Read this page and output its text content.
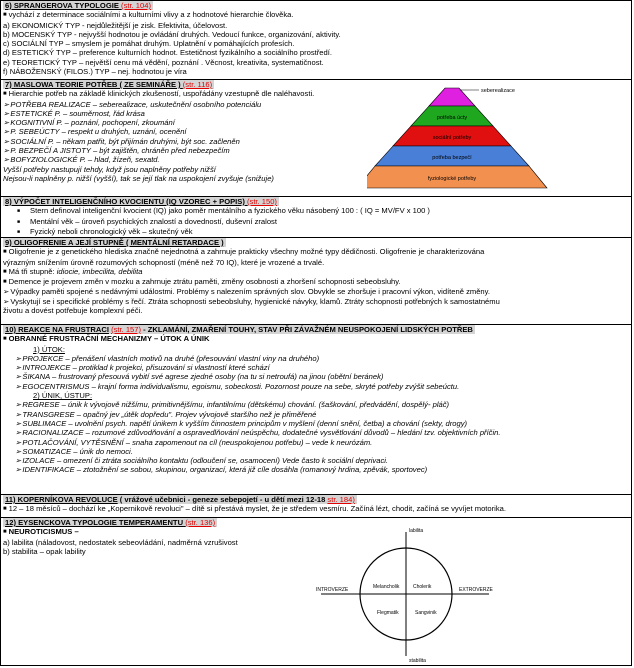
6) SPRANGEROVA TYPOLOGIE (str. 104)
■ vychází z determinace sociálními a kulturními vlivy a z hodnotové hierarchie člověka.
a) EKONOMICKÝ TYP - nejdůležitější je zisk. Efektivita, účelovost.
b) MOCENSKÝ TYP - nejvyšší hodnotou je ovládání druhých. Vedoucí funkce, organizování, aktivity.
c) SOCIÁLNÍ TYP – smyslem je pomáhat druhým. Uplatnění v pomáhajících profesích.
d) ESTETICKÝ TYP – preference kulturních hodnot. Estetičnost fyzikálního a sociálního prostředí.
e) TEORETICKÝ TYP – největší cenu má vědění, poznání . Věcnost, kreativita, systematičnost.
f) NÁBOŽENSKÝ (FILOS.) TYP – nej. hodnotou je víra
7) MASLOWA TEORIE POTŘEB ( ZE SEMINÁŘE ) (str. 116)
■ Hierarchie potřeb na základě klinických zkušeností, uspořádány vzestupně dle naléhavosti.
➢ POTŘEBA REALIZACE – seberealizace, uskutečnění osobního potenciálu
➢ ESTETICKÉ P. – souměrnost, řád krása
➢ KOGNITIVNÍ P. – poznání, pochopení, zkoumání
➢ P. SEBEÚCTY – respekt u druhých, uznání, ocenění
➢ SOCIÁLNÍ P. – někam patřit, být přijímán druhými, být soc. začleněn
➢ P. BEZPEČÍ A JISTOTY – být zajištěn, chráněn před nebezpečím
➢ BOFYZIOLOGICKÉ P. – hlad, žízeň, sexatd.
Vyšší potřeby nastupují tehdy, když jsou naplněny potřeby nižší
Nejsou-li naplněny p. nižší (vyšší), tak se její tlak na uspokojení zvyšuje (snižuje)
seberealizace
potřeba úcty
sociální potřeby
potřeba bezpečí
fyziologické potřeby
8) VÝPOČET INTELIGENČNÍHO KVOCIENTU (IQ VZOREC + POPIS) (str. 150)
■ Stern definoval inteligenční kvocient (IQ) jako poměr mentálního a fyzického věku násobený 100 : ( IQ = MV/FV x 100 )
■ Mentální věk – úroveň psychických znalostí a dovedností, duševní zralost
■ Fyzický neboli chronologický věk – skutečný věk
9) OLIGOFRENIE A JEJÍ STUPNĚ ( MENTÁLNÍ RETARDACE )
■ Oligofrenie je z genetického hlediska značně nejednotná a zahrnuje prakticky všechny možné typy dědičnosti. Oligofrenie je charakterizována
výrazným snížením úrovně rozumových schopností (méně než 70 IQ), které je vrozené a trvalé.
■ Má tři stupně: idiocie, imbecilita, debilita
■ Demence je projevem změn v mozku a zahrnuje ztrátu paměti, změny osobnosti a zhoršení schopnosti sebeobsluhy.
➢ Výpadky paměti spojené s nedávnými událostmi. Problémy s nalezením správných slov. Obvykle se zhoršuje i pracovní výkon, vidíteně změny.
➢ Vyskytují se i specifické problémy s řečí. Ztráta schopnosti sebeobsluhy, hygienické návyky, klamů. Ztráty schopnosti potřebných k samostatnému
životu a dovést potřebuje komplexní péči.
10) REAKCE NA FRUSTRACI (str. 157) - ZKLAMÁNÍ, ZMAŘENÍ TOUHY, STAV PŘI ZÁVAŽNÉM NEUSPOKOJENÍ LIDSKÝCH POTŘEB
■ OBRANNÉ FRUSTRAČNÍ MECHANIZMY – ÚTOK A ÚNIK
1) ÚTOK:
➢ PROJEKCE – přenášení vlastních motivů na druhé (přesouvání vlastní viny na druhého)
➢ INTROJEKCE – protiklad k projekci, přisuzování si vlastností které schází
➢ ŠIKANA – frustrovaný přesouvá vybití své agrese zjedné osoby (na tu si netroufá) na jinou (obětní beránek)
➢ EGOCENTRISMUS – krajní forma individualismu, egoismu, sobeckosti. Pozornost pouze na sebe, skryté potřeby zvýšit sebeúctu.
2) ÚNIK, ÚSTUP:
➢ REGRESE – únik k vývojově nižšímu, primitivnějšímu, infantilnímu (dětskému) chování. (šaškování, předvádění, dospělý- pláč)
➢ TRANSGRESE – opačný jev „útěk dopředu". Projev vývojově staršího než je přiměřené
➢ SUBLIMACE – uvolnění psych. napětí únikem k vyšším činnostem principům v myšlení (denní snění, četba) a chování (sekty, drogy)
➢ RACIONALIZACE – rozumové zdůvodňování a ospravedlňování neúspěchu, dodatečné vysvětlování důvodů – hledání tzv. objektivních příčin.
➢ POTLAČOVÁNÍ, VYTĚSNĚNÍ – snaha zapomenout na cíl (neuspokojenou potřebu) – vede k neurózám.
➢ SOMATIZACE – únik do nemoci.
➢ IZOLACE – omezení či ztráta sociálního kontaktu (odloučení se, osamocení) Vede často k sociální deprivaci.
➢ IDENTIFIKACE – ztotožnění se sobou, skupinou, organizací, která již cíle dosáhla (romanový hrdina, zpěvák, sportovec)
11) KOPERNÍKOVA REVOLUCE ( vrážové učebnici - geneze sebepojetí - u dětí mezi 12-18 str. 184)
■ 12 – 18 měsíců – dochází ke „Kopernikově revoluci" – dítě si přestává myslet, že je středem vesmíru. Začíná lézt, chodit, začíná se vyvíjet motorika.
12) EYSENCKOVA TYPOLOGIE TEMPERAMENTU (str. 136)
■ NEUROTICISMUS –
a) labilita (náladovost, nedostatek sebeovládání, nadměrná vzrušivost
b) stabilita – opak lability
labilita
stabilita
INTROVERZE	EXTROVERZE
Melancholik	Cholerik
Flegmatik	Sangvinik
